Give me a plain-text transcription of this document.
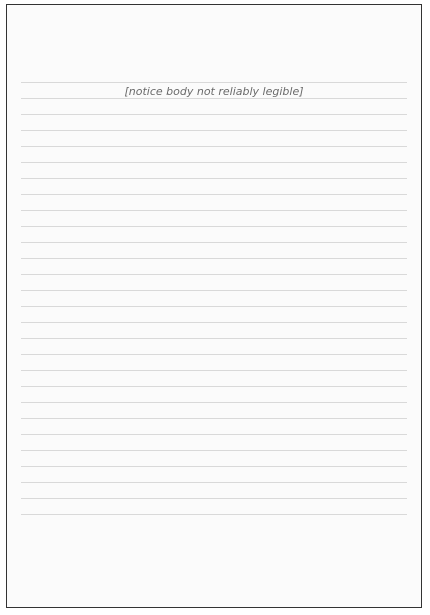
[notice body not reliably legible]
